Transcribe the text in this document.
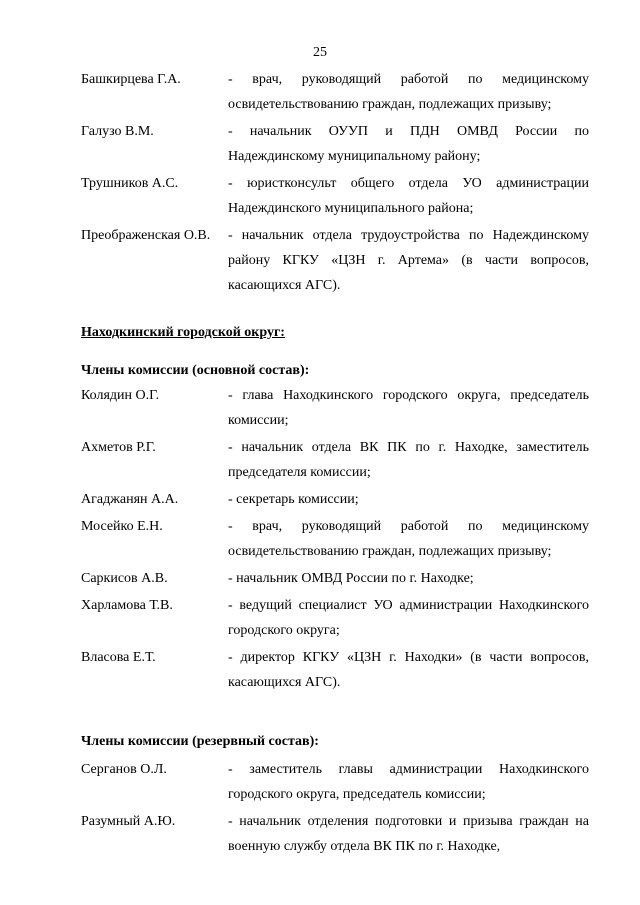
25
Башкирцева Г.А.	- врач, руководящий работой по медицинскому освидетельствованию граждан, подлежащих призыву;
Галузо В.М.	- начальник ОУУП и ПДН ОМВД России по Надеждинскому муниципальному району;
Трушников А.С.	- юристконсульт общего отдела УО администрации Надеждинского муниципального района;
Преображенская О.В.	- начальник отдела трудоустройства по Надеждинскому району КГКУ «ЦЗН г. Артема» (в части вопросов, касающихся АГС).
Находкинский городской округ:
Члены комиссии (основной состав):
Колядин О.Г.	- глава Находкинского городского округа, председатель комиссии;
Ахметов Р.Г.	- начальник отдела ВК ПК по г. Находке, заместитель председателя комиссии;
Агаджанян А.А.	- секретарь комиссии;
Мосейко Е.Н.	- врач, руководящий работой по медицинскому освидетельствованию граждан, подлежащих призыву;
Саркисов А.В.	- начальник ОМВД России по г. Находке;
Харламова Т.В.	- ведущий специалист УО администрации Находкинского городского округа;
Власова Е.Т.	- директор КГКУ «ЦЗН г. Находки» (в части вопросов, касающихся АГС).
Члены комиссии (резервный состав):
Серганов О.Л.	- заместитель главы администрации Находкинского городского округа, председатель комиссии;
Разумный А.Ю.	- начальник отделения подготовки и призыва граждан на военную службу отдела ВК ПК по г. Находке,
